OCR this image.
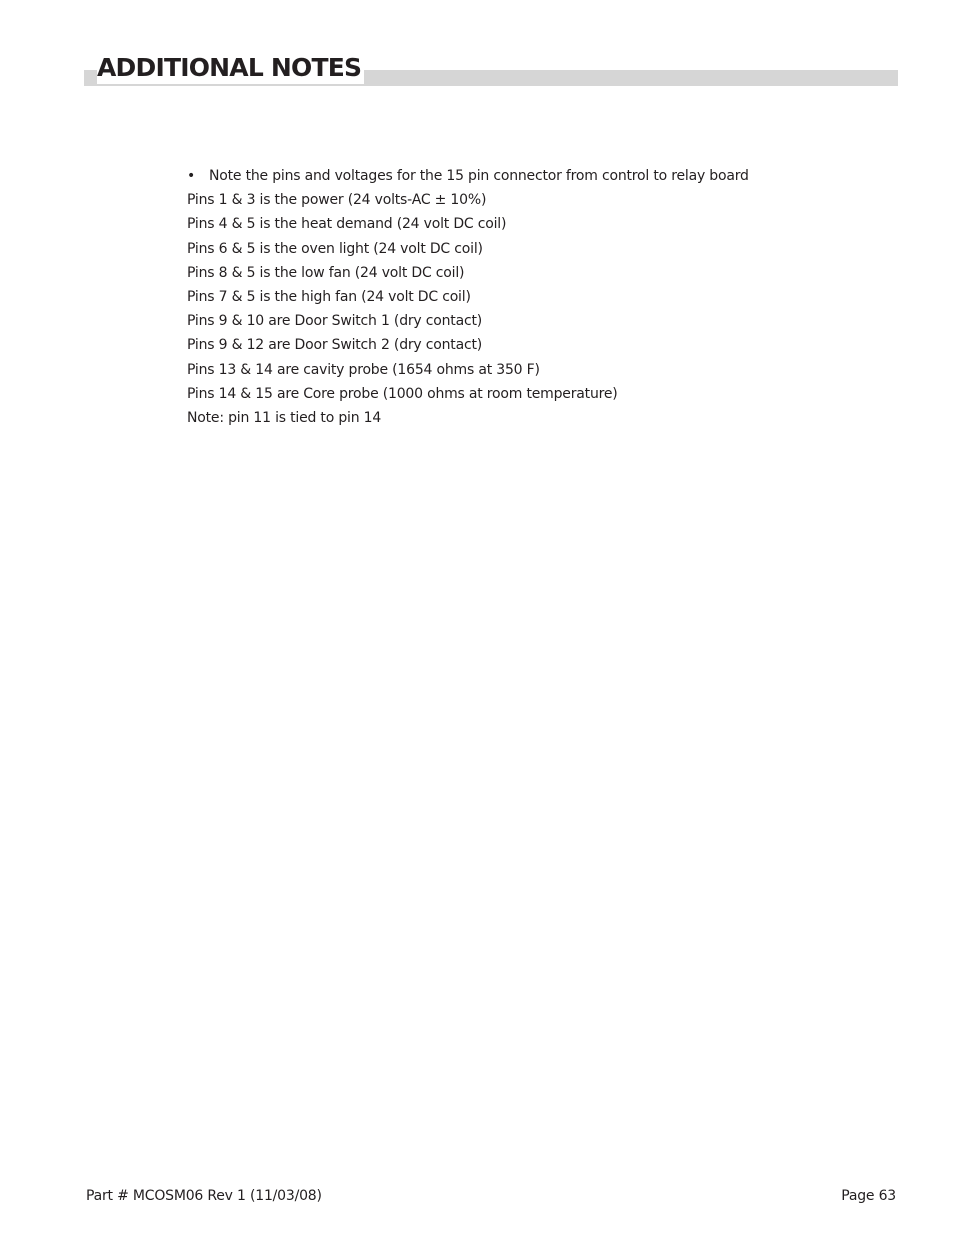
ADDITIONAL NOTES
• Note the pins and voltages for the 15 pin connector from control to relay board
Pins 1 & 3 is the power (24 volts-AC ± 10%)
Pins 4 & 5 is the heat demand (24 volt DC coil)
Pins 6 & 5 is the oven light (24 volt DC coil)
Pins 8 & 5 is the low fan (24 volt DC coil)
Pins 7 & 5 is the high fan (24 volt DC coil)
Pins 9 & 10 are Door Switch 1 (dry contact)
Pins 9 & 12 are Door Switch 2 (dry contact)
Pins 13 & 14 are cavity probe (1654 ohms at 350 F)
Pins 14 & 15 are Core probe (1000 ohms at room temperature)
Note: pin 11 is tied to pin 14
Part # MCOSM06 Rev 1 (11/03/08)	Page 63
